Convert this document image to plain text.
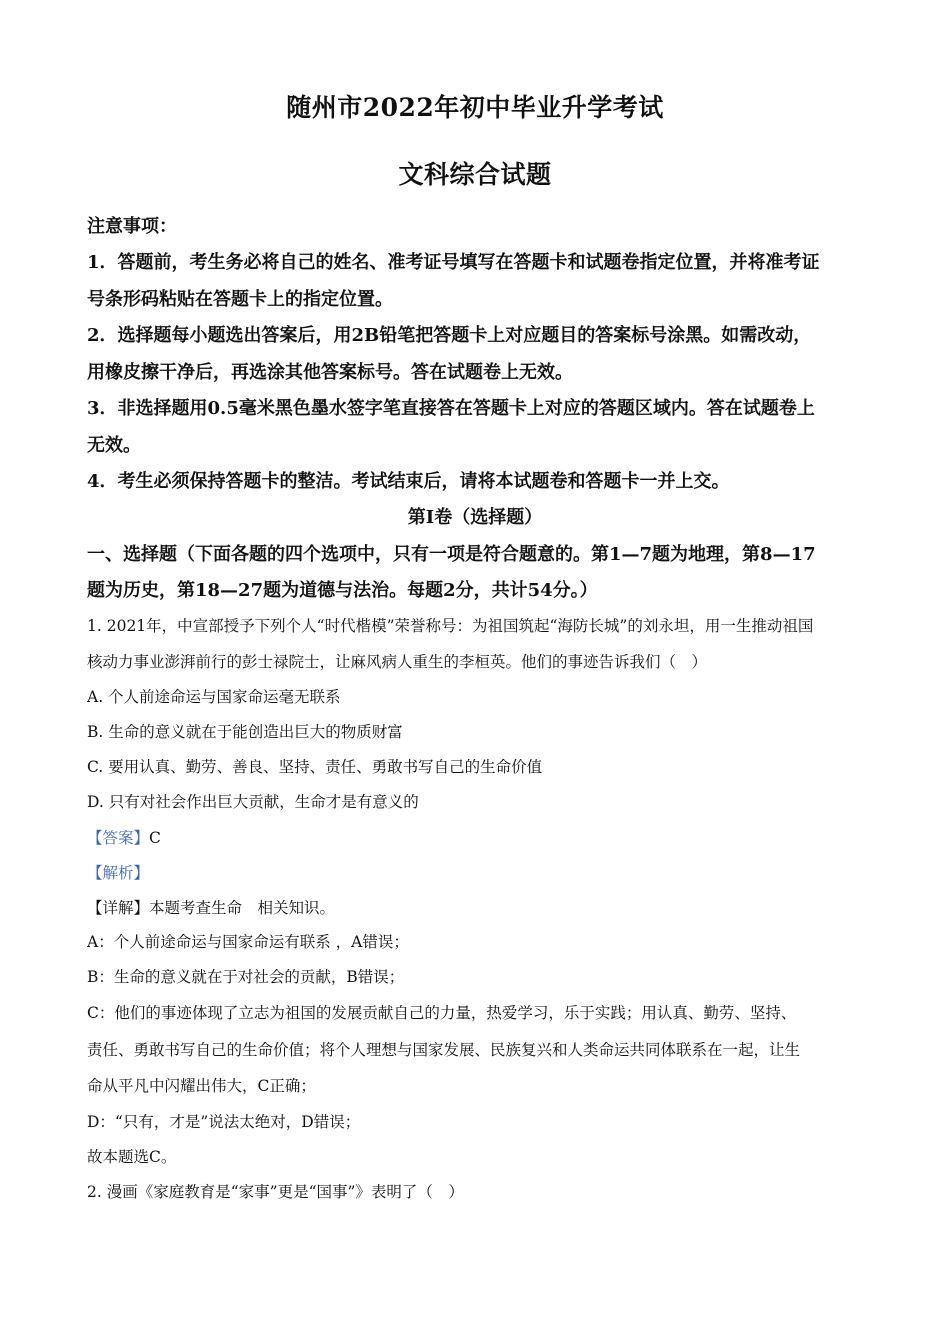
随州市2022年初中毕业升学考试
文科综合试题
注意事项：
1．答题前，考生务必将自己的姓名、准考证号填写在答题卡和试题卷指定位置，并将准考证
号条形码粘贴在答题卡上的指定位置。
2．选择题每小题选出答案后，用2B铅笔把答题卡上对应题目的答案标号涂黑。如需改动，
用橡皮擦干净后，再选涂其他答案标号。答在试题卷上无效。
3．非选择题用0.5毫米黑色墨水签字笔直接答在答题卡上对应的答题区域内。答在试题卷上
无效。
4．考生必须保持答题卡的整洁。考试结束后，请将本试题卷和答题卡一并上交。
第I卷（选择题）
一、选择题（下面各题的四个选项中，只有一项是符合题意的。第1—7题为地理，第8—17
题为历史，第18—27题为道德与法治。每题2分，共计54分。）
1. 2021年，中宣部授予下列个人“时代楷模”荣誉称号：为祖国筑起“海防长城”的刘永坦，用一生推动祖国
核动力事业澎湃前行的彭士禄院士，让麻风病人重生的李桓英。他们的事迹告诉我们（　）
A. 个人前途命运与国家命运毫无联系
B. 生命的意义就在于能创造出巨大的物质财富
C. 要用认真、勤劳、善良、坚持、责任、勇敢书写自己的生命价值
D. 只有对社会作出巨大贡献，生命才是有意义的
【答案】C
【解析】
【详解】本题考查生命　相关知识。
A：个人前途命运与国家命运有联系 ，A错误；
B：生命的意义就在于对社会的贡献，B错误；
C：他们的事迹体现了立志为祖国的发展贡献自己的力量，热爱学习，乐于实践；用认真、勤劳、坚持、
责任、勇敢书写自己的生命价值；将个人理想与国家发展、民族复兴和人类命运共同体联系在一起，让生
命从平凡中闪耀出伟大，C正确；
D：“只有，才是”说法太绝对，D错误；
故本题选C。
2. 漫画《家庭教育是“家事”更是“国事”》表明了（　）
